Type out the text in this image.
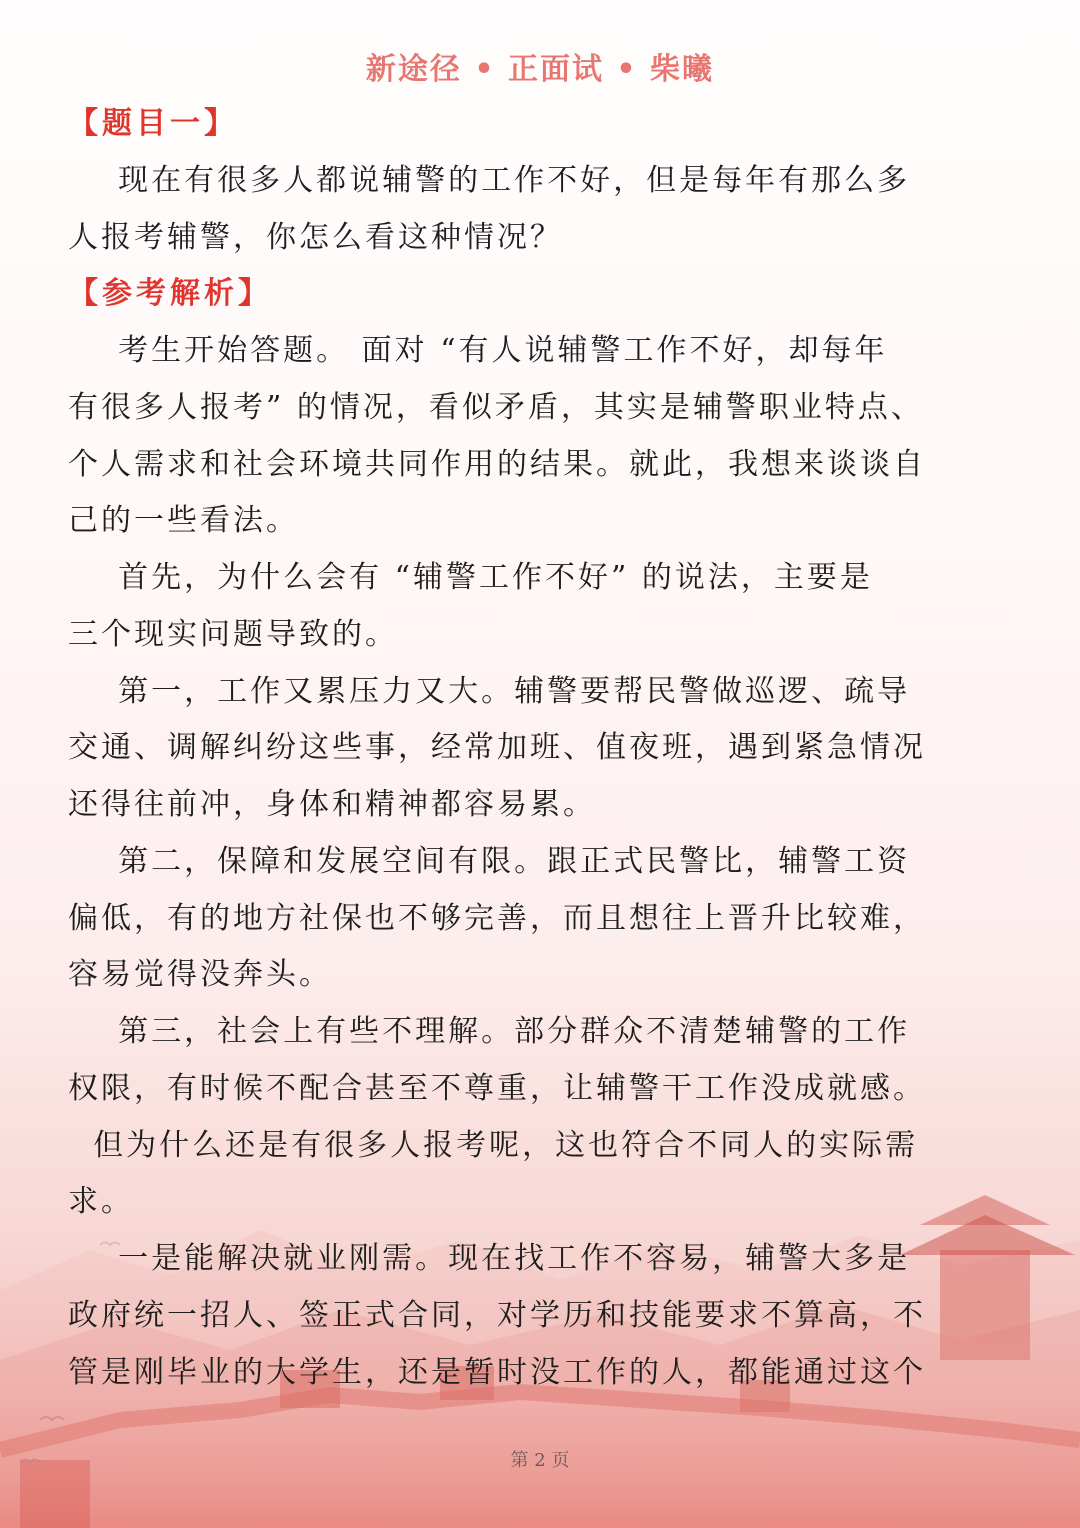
新途径 • 正面试 • 柴曦

【题目一】

现在有很多人都说辅警的工作不好，但是每年有那么多

人报考辅警，你怎么看这种情况？

【参考解析】

考生开始答题。 面对 “有人说辅警工作不好，却每年

有很多人报考” 的情况，看似矛盾，其实是辅警职业特点、

个人需求和社会环境共同作用的结果。就此，我想来谈谈自

己的一些看法。

首先，为什么会有 “辅警工作不好” 的说法，主要是

三个现实问题导致的。

第一，工作又累压力又大。辅警要帮民警做巡逻、疏导

交通、调解纠纷这些事，经常加班、值夜班，遇到紧急情况

还得往前冲，身体和精神都容易累。

第二，保障和发展空间有限。跟正式民警比，辅警工资

偏低，有的地方社保也不够完善，而且想往上晋升比较难，

容易觉得没奔头。

第三，社会上有些不理解。部分群众不清楚辅警的工作

权限，有时候不配合甚至不尊重，让辅警干工作没成就感。

但为什么还是有很多人报考呢，这也符合不同人的实际需

求。

一是能解决就业刚需。现在找工作不容易，辅警大多是

政府统一招人、签正式合同，对学历和技能要求不算高，不

管是刚毕业的大学生，还是暂时没工作的人，都能通过这个

第 2 页
